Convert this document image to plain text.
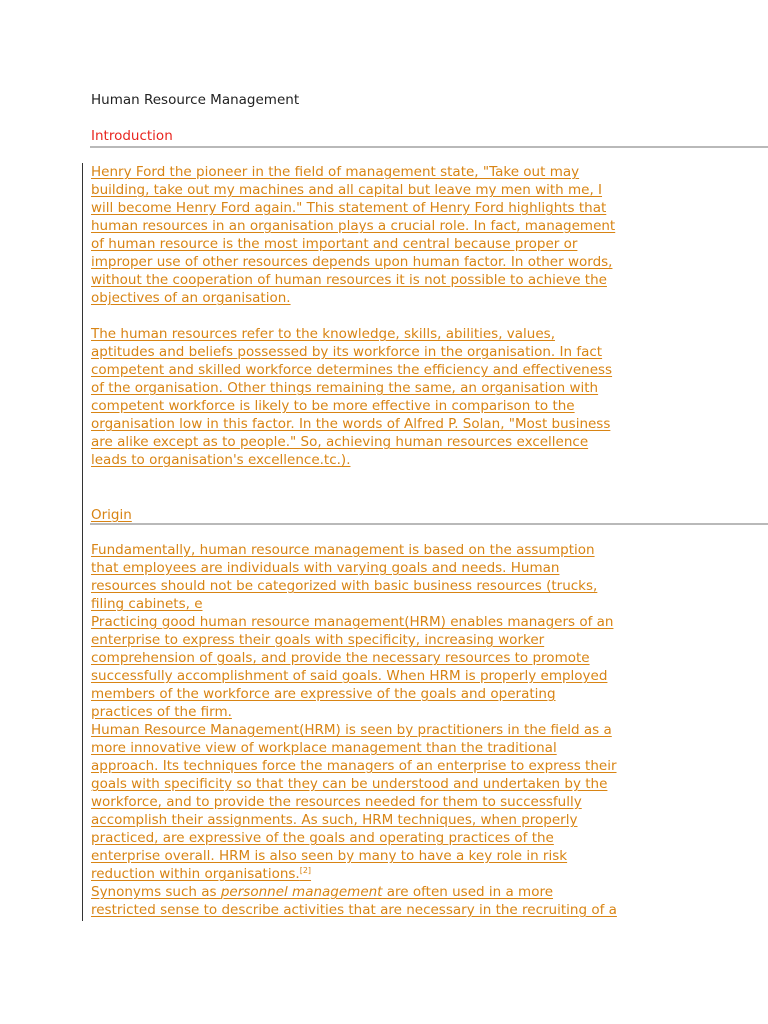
Human Resource Management
Introduction
Henry Ford the pioneer in the field of management state, "Take out may
building, take out my machines and all capital but leave my men with me, I
will become Henry Ford again." This statement of Henry Ford highlights that
human resources in an organisation plays a crucial role. In fact, management
of human resource is the most important and central because proper or
improper use of other resources depends upon human factor. In other words,
without the cooperation of human resources it is not possible to achieve the
objectives of an organisation.
The human resources refer to the knowledge, skills, abilities, values,
aptitudes and beliefs possessed by its workforce in the organisation. In fact
competent and skilled workforce determines the efficiency and effectiveness
of the organisation. Other things remaining the same, an organisation with
competent workforce is likely to be more effective in comparison to the
organisation low in this factor. In the words of Alfred P. Solan, "Most business
are alike except as to people." So, achieving human resources excellence
leads to organisation's excellence.tc.).
Origin
Fundamentally, human resource management is based on the assumption
that employees are individuals with varying goals and needs. Human
resources should not be categorized with basic business resources (trucks,
filing cabinets, e
Practicing good human resource management(HRM) enables managers of an
enterprise to express their goals with specificity, increasing worker
comprehension of goals, and provide the necessary resources to promote
successfully accomplishment of said goals. When HRM is properly employed
members of the workforce are expressive of the goals and operating
practices of the firm.
Human Resource Management(HRM) is seen by practitioners in the field as a
more innovative view of workplace management than the traditional
approach. Its techniques force the managers of an enterprise to express their
goals with specificity so that they can be understood and undertaken by the
workforce, and to provide the resources needed for them to successfully
accomplish their assignments. As such, HRM techniques, when properly
practiced, are expressive of the goals and operating practices of the
enterprise overall. HRM is also seen by many to have a key role in risk
reduction within organisations.[2]
Synonyms such as personnel management are often used in a more
restricted sense to describe activities that are necessary in the recruiting of a
